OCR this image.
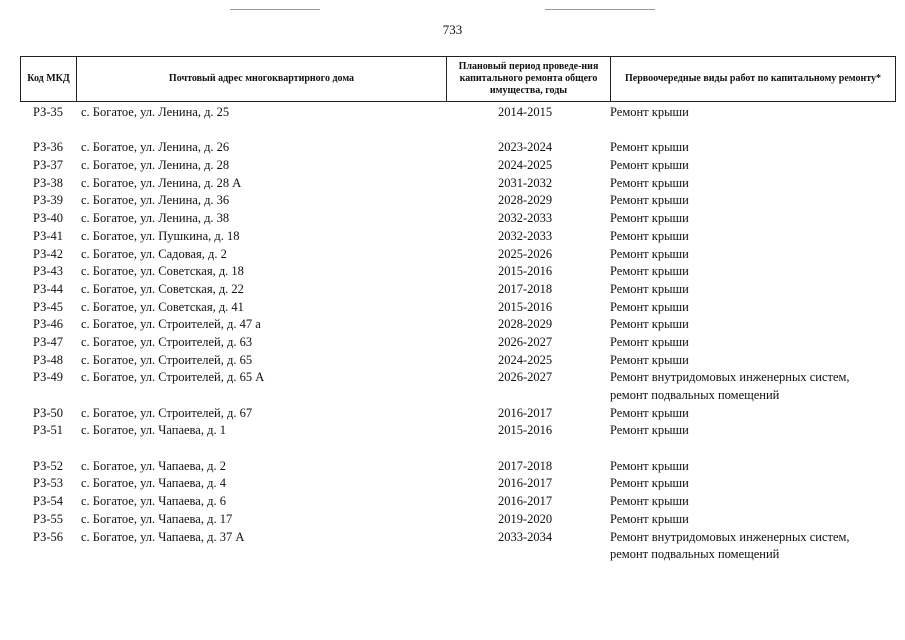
733
Код МКД	Почтовый адрес многоквартирного дома	Плановый период проведе-ния капитального ремонта общего имущества, годы	Первоочередные виды работ по капитальному ремонту*
РЗ-35 с. Богатое, ул. Ленина, д. 25	2014-2015	Ремонт крыши
РЗ-36 с. Богатое, ул. Ленина, д. 26	2023-2024	Ремонт крыши
РЗ-37 с. Богатое, ул. Ленина, д. 28	2024-2025	Ремонт крыши
РЗ-38 с. Богатое, ул. Ленина, д. 28 А	2031-2032	Ремонт крыши
РЗ-39 с. Богатое, ул. Ленина, д. 36	2028-2029	Ремонт крыши
РЗ-40 с. Богатое, ул. Ленина, д. 38	2032-2033	Ремонт крыши
РЗ-41 с. Богатое, ул. Пушкина, д. 18	2032-2033	Ремонт крыши
РЗ-42 с. Богатое, ул. Садовая, д. 2	2025-2026	Ремонт крыши
РЗ-43 с. Богатое, ул. Советская, д. 18	2015-2016	Ремонт крыши
РЗ-44 с. Богатое, ул. Советская, д. 22	2017-2018	Ремонт крыши
РЗ-45 с. Богатое, ул. Советская, д. 41	2015-2016	Ремонт крыши
РЗ-46 с. Богатое, ул. Строителей, д. 47 а	2028-2029	Ремонт крыши
РЗ-47 с. Богатое, ул. Строителей, д. 63	2026-2027	Ремонт крыши
РЗ-48 с. Богатое, ул. Строителей, д. 65	2024-2025	Ремонт крыши
РЗ-49 с. Богатое, ул. Строителей, д. 65 А	2026-2027	Ремонт внутридомовых инженерных систем,
ремонт подвальных помещений
РЗ-50 с. Богатое, ул. Строителей, д. 67	2016-2017	Ремонт крыши
РЗ-51 с. Богатое, ул. Чапаева, д. 1	2015-2016	Ремонт крыши
РЗ-52 с. Богатое, ул. Чапаева, д. 2	2017-2018	Ремонт крыши
РЗ-53 с. Богатое, ул. Чапаева, д. 4	2016-2017	Ремонт крыши
РЗ-54 с. Богатое, ул. Чапаева, д. 6	2016-2017	Ремонт крыши
РЗ-55 с. Богатое, ул. Чапаева, д. 17	2019-2020	Ремонт крыши
РЗ-56 с. Богатое, ул. Чапаева, д. 37 А	2033-2034	Ремонт внутридомовых инженерных систем,
ремонт подвальных помещений
